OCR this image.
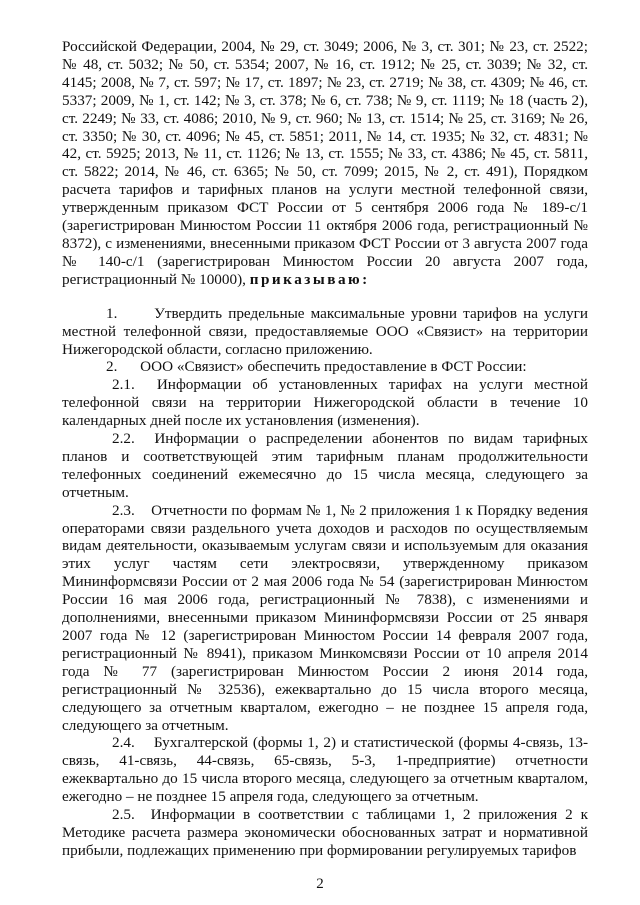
Российской Федерации, 2004, № 29, ст. 3049; 2006, № 3, ст. 301; № 23, ст. 2522; № 48, ст. 5032; № 50, ст. 5354; 2007, № 16, ст. 1912; № 25, ст. 3039; № 32, ст. 4145; 2008, № 7, ст. 597; № 17, ст. 1897; № 23, ст. 2719; № 38, ст. 4309; № 46, ст. 5337; 2009, № 1, ст. 142; № 3, ст. 378; № 6, ст. 738; № 9, ст. 1119; № 18 (часть 2), ст. 2249; № 33, ст. 4086; 2010, № 9, ст. 960; № 13, ст. 1514; № 25, ст. 3169; № 26, ст. 3350; № 30, ст. 4096; № 45, ст. 5851; 2011, № 14, ст. 1935; № 32, ст. 4831; № 42, ст. 5925; 2013, № 11, ст. 1126; № 13, ст. 1555; № 33, ст. 4386; № 45, ст. 5811, ст. 5822; 2014, № 46, ст. 6365; № 50, ст. 7099; 2015, № 2, ст. 491), Порядком расчета тарифов и тарифных планов на услуги местной телефонной связи, утвержденным приказом ФСТ России от 5 сентября 2006 года № 189-с/1 (зарегистрирован Минюстом России 11 октября 2006 года, регистрационный № 8372), с изменениями, внесенными приказом ФСТ России от 3 августа 2007 года № 140-с/1 (зарегистрирован Минюстом России 20 августа 2007 года, регистрационный № 10000), приказываю:

1. Утвердить предельные максимальные уровни тарифов на услуги местной телефонной связи, предоставляемые ООО «Связист» на территории Нижегородской области, согласно приложению.

2. ООО «Связист» обеспечить предоставление в ФСТ России:

2.1. Информации об установленных тарифах на услуги местной телефонной связи на территории Нижегородской области в течение 10 календарных дней после их установления (изменения).

2.2. Информации о распределении абонентов по видам тарифных планов и соответствующей этим тарифным планам продолжительности телефонных соединений ежемесячно до 15 числа месяца, следующего за отчетным.

2.3. Отчетности по формам № 1, № 2 приложения 1 к Порядку ведения операторами связи раздельного учета доходов и расходов по осуществляемым видам деятельности, оказываемым услугам связи и используемым для оказания этих услуг частям сети электросвязи, утвержденному приказом Мининформсвязи России от 2 мая 2006 года № 54 (зарегистрирован Минюстом России 16 мая 2006 года, регистрационный № 7838), с изменениями и дополнениями, внесенными приказом Мининформсвязи России от 25 января 2007 года № 12 (зарегистрирован Минюстом России 14 февраля 2007 года, регистрационный № 8941), приказом Минкомсвязи России от 10 апреля 2014 года № 77 (зарегистрирован Минюстом России 2 июня 2014 года, регистрационный № 32536), ежеквартально до 15 числа второго месяца, следующего за отчетным кварталом, ежегодно – не позднее 15 апреля года, следующего за отчетным.

2.4. Бухгалтерской (формы 1, 2) и статистической (формы 4-связь, 13-связь, 41-связь, 44-связь, 65-связь, 5-3, 1-предприятие) отчетности ежеквартально до 15 числа второго месяца, следующего за отчетным кварталом, ежегодно – не позднее 15 апреля года, следующего за отчетным.

2.5. Информации в соответствии с таблицами 1, 2 приложения 2 к Методике расчета размера экономически обоснованных затрат и нормативной прибыли, подлежащих применению при формировании регулируемых тарифов

2
